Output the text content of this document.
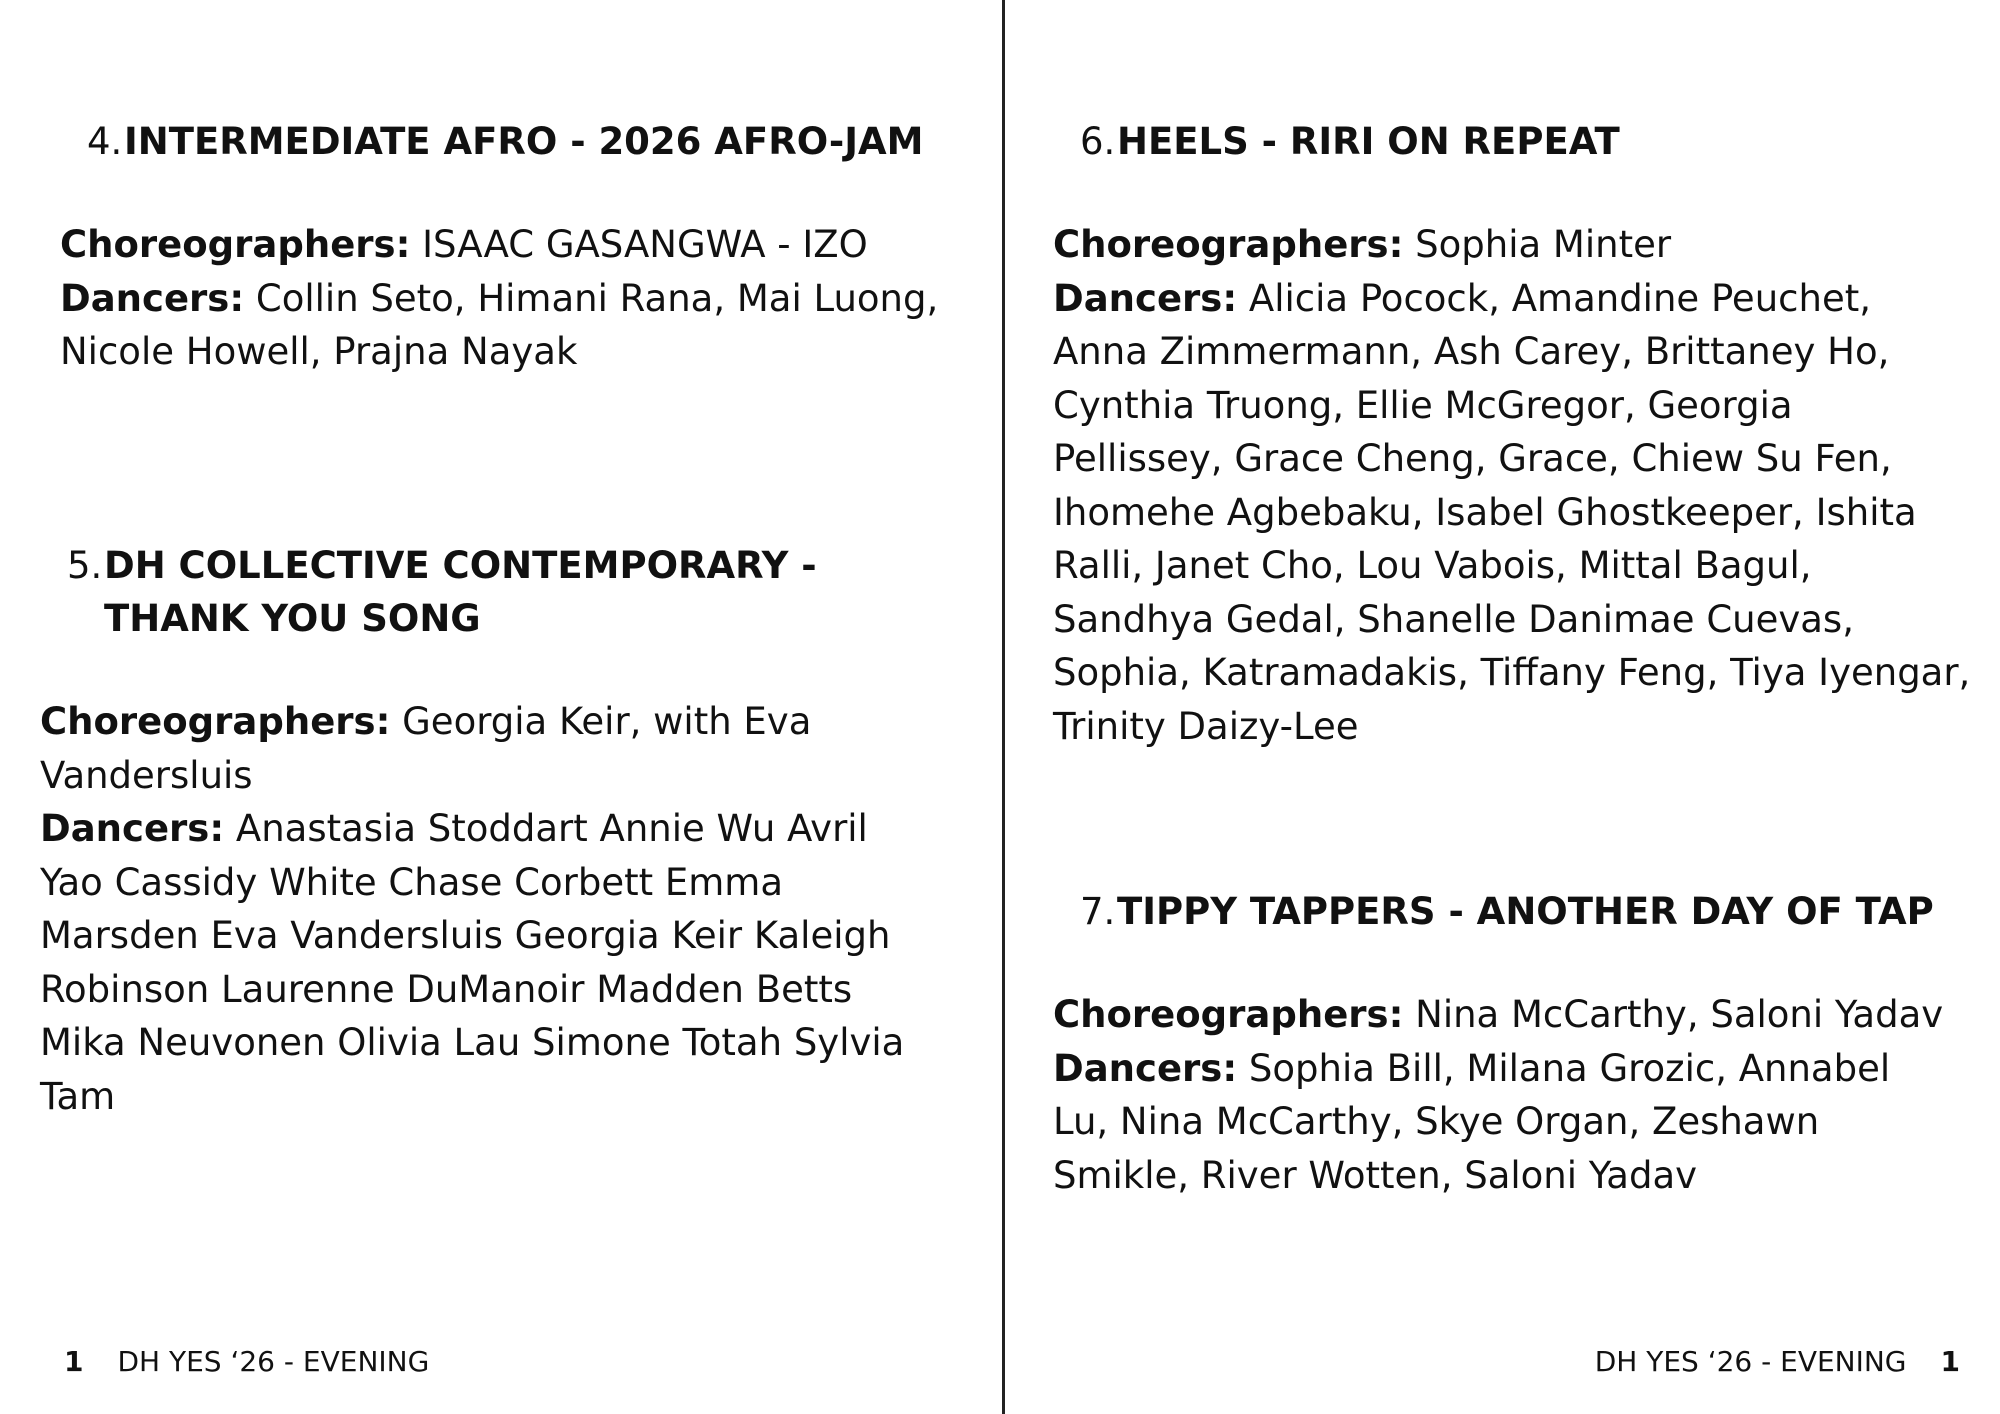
4. INTERMEDIATE AFRO - 2026 AFRO-JAM

Choreographers: ISAAC GASANGWA - IZO

Dancers: Collin Seto, Himani Rana, Mai Luong, Nicole Howell, Prajna Nayak

5. DH COLLECTIVE CONTEMPORARY - THANK YOU SONG

Choreographers: Georgia Keir, with Eva Vandersluis

Dancers: Anastasia Stoddart Annie Wu Avril Yao Cassidy White Chase Corbett Emma Marsden Eva Vandersluis Georgia Keir Kaleigh Robinson Laurenne DuManoir Madden Betts Mika Neuvonen Olivia Lau Simone Totah Sylvia Tam

1 DH YES ‘26 - EVENING
6. HEELS - RIRI ON REPEAT

Choreographers: Sophia Minter

Dancers: Alicia Pocock, Amandine Peuchet, Anna Zimmermann, Ash Carey, Brittaney Ho, Cynthia Truong, Ellie McGregor, Georgia Pellissey, Grace Cheng, Grace, Chiew Su Fen, Ihomehe Agbebaku, Isabel Ghostkeeper, Ishita Ralli, Janet Cho, Lou Vabois, Mittal Bagul, Sandhya Gedal, Shanelle Danimae Cuevas, Sophia, Katramadakis, Tiffany Feng, Tiya Iyengar, Trinity Daizy-Lee

7. TIPPY TAPPERS - ANOTHER DAY OF TAP

Choreographers: Nina McCarthy, Saloni Yadav

Dancers: Sophia Bill, Milana Grozic, Annabel Lu, Nina McCarthy, Skye Organ, Zeshawn Smikle, River Wotten, Saloni Yadav

DH YES ‘26 - EVENING 1
